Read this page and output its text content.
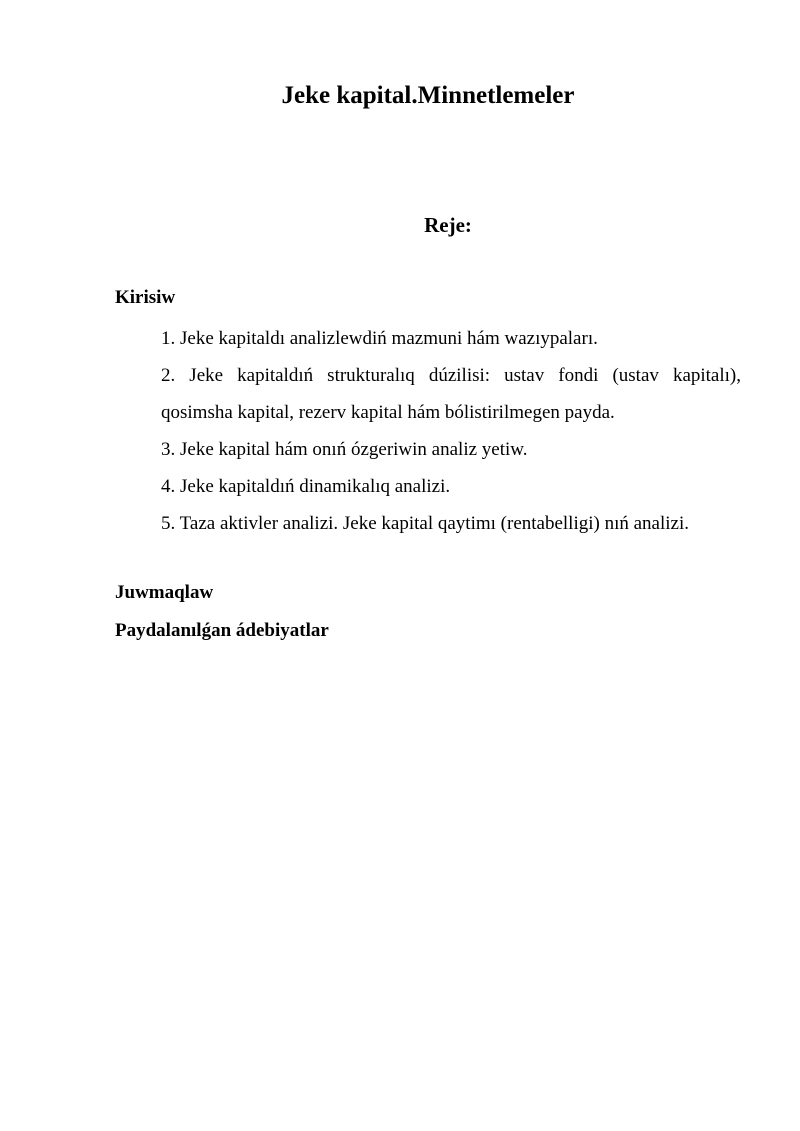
Jeke kapital.Minnetlemeler
Reje:
Kirisiw
1. Jeke kapitaldı analizlewdiń mazmuni hám wazıypaları.
2. Jeke kapitaldıń strukturalıq dúzilisi: ustav fondi (ustav kapitalı), qosimsha kapital, rezerv kapital hám bólistirilmegen payda.
3. Jeke kapital hám onıń ózgeriwin analiz yetiw.
4. Jeke kapitaldıń dinamikalıq analizi.
5. Taza aktivler analizi. Jeke kapital qaytimı (rentabelligi) nıń analizi.
Juwmaqlaw
Paydalanılǵan ádebiyatlar
